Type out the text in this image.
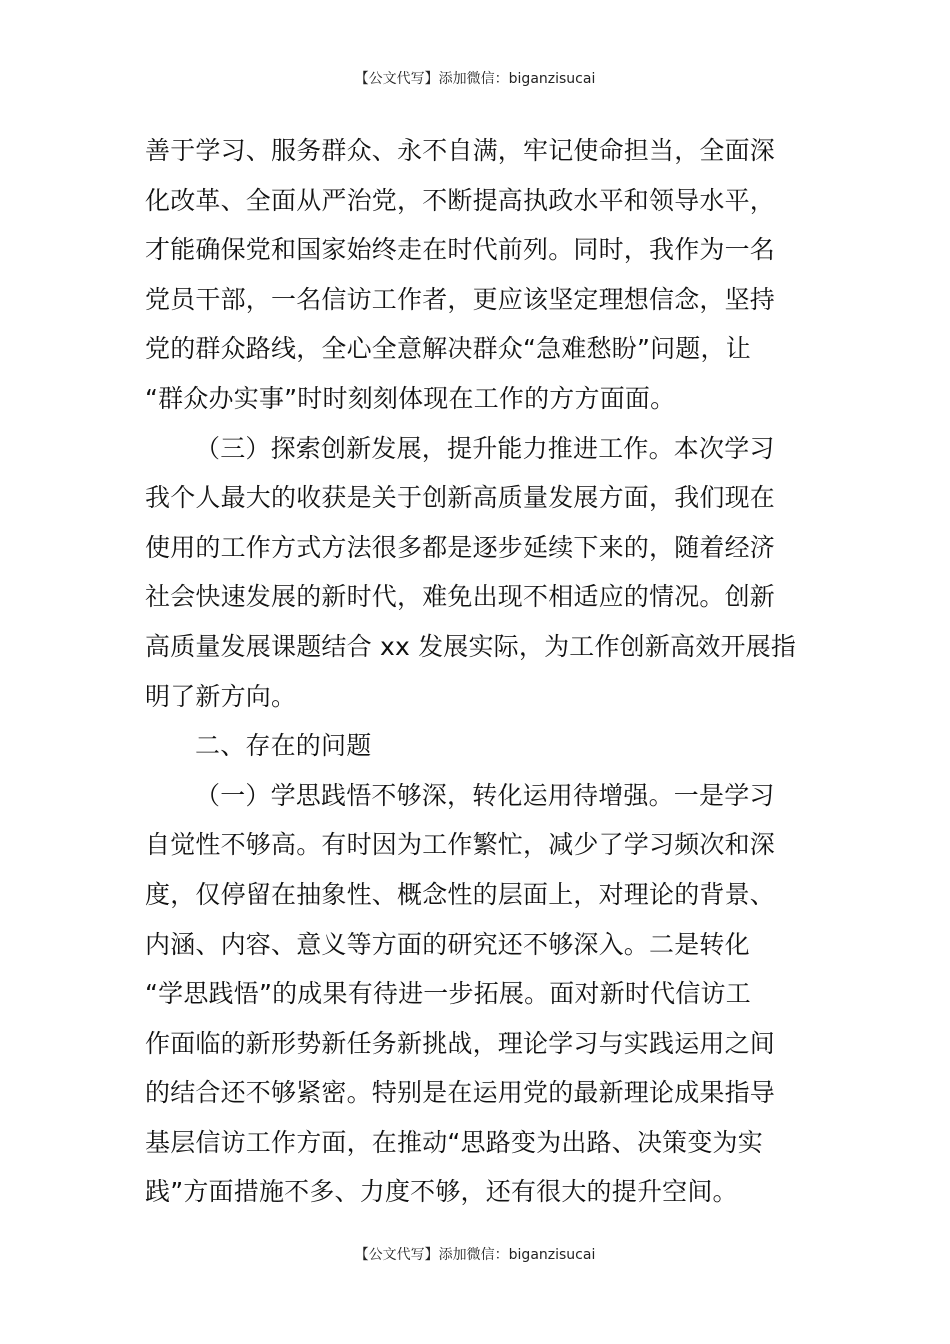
【公文代写】添加微信：biganzisucai
善于学习、服务群众、永不自满，牢记使命担当，全面深
化改革、全面从严治党，不断提高执政水平和领导水平，
才能确保党和国家始终走在时代前列。同时，我作为一名
党员干部，一名信访工作者，更应该坚定理想信念，坚持
党的群众路线，全心全意解决群众“急难愁盼”问题，让
“群众办实事”时时刻刻体现在工作的方方面面。
（三）探索创新发展，提升能力推进工作。本次学习
我个人最大的收获是关于创新高质量发展方面，我们现在
使用的工作方式方法很多都是逐步延续下来的，随着经济
社会快速发展的新时代，难免出现不相适应的情况。创新
高质量发展课题结合 xx 发展实际，为工作创新高效开展指
明了新方向。
二、存在的问题
（一）学思践悟不够深，转化运用待增强。一是学习
自觉性不够高。有时因为工作繁忙，减少了学习频次和深
度，仅停留在抽象性、概念性的层面上，对理论的背景、
内涵、内容、意义等方面的研究还不够深入。二是转化
“学思践悟”的成果有待进一步拓展。面对新时代信访工
作面临的新形势新任务新挑战，理论学习与实践运用之间
的结合还不够紧密。特别是在运用党的最新理论成果指导
基层信访工作方面，在推动“思路变为出路、决策变为实
践”方面措施不多、力度不够，还有很大的提升空间。
【公文代写】添加微信：biganzisucai
